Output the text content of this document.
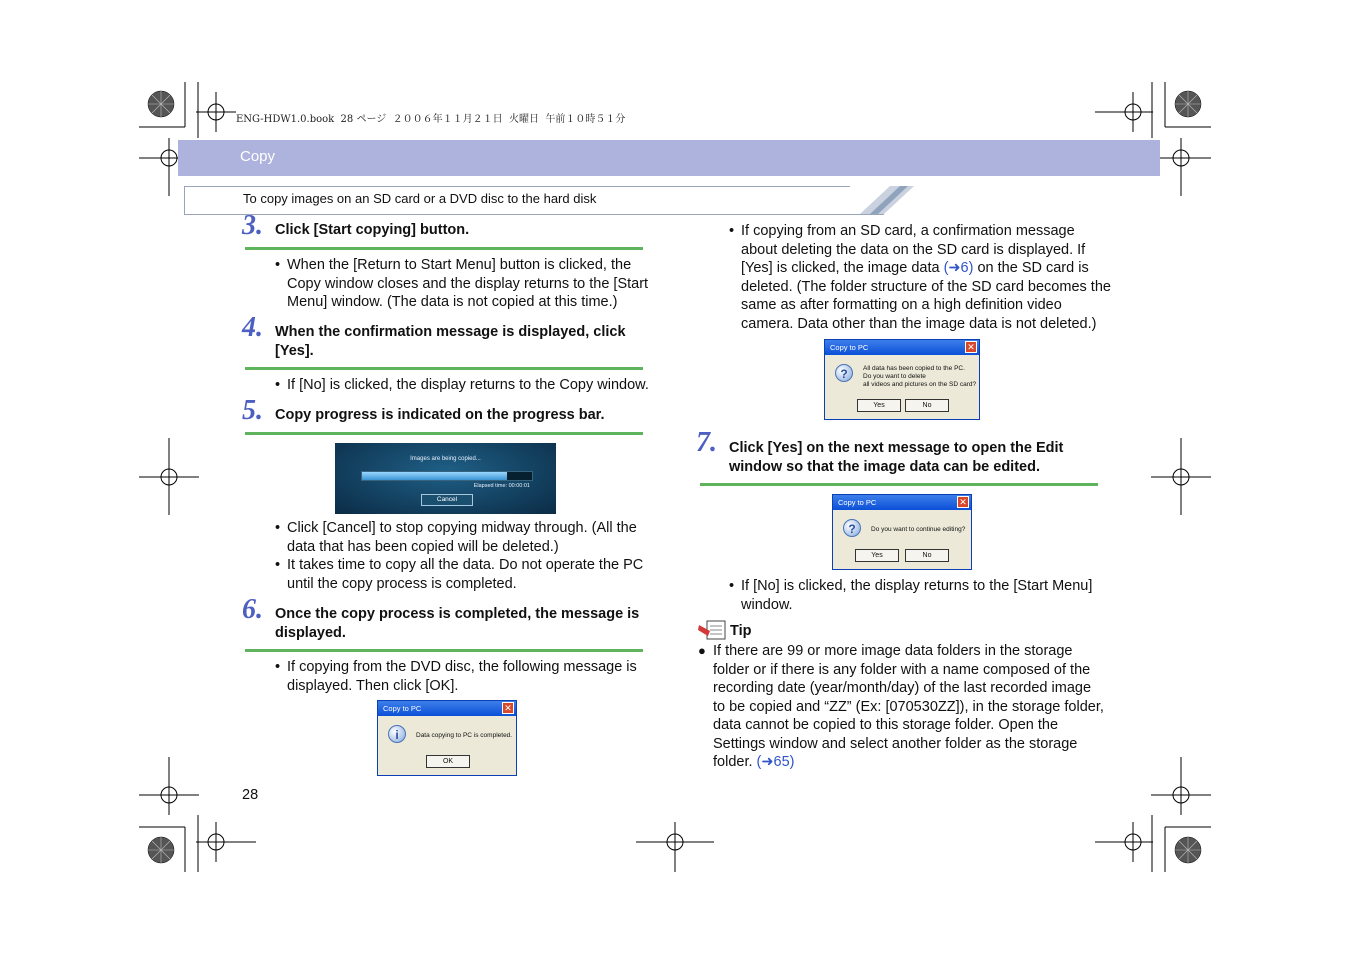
ENG-HDW1.0.book  28 ページ  ２００６年１１月２１日  火曜日  午前１０時５１分
Copy
To copy images on an SD card or a DVD disc to the hard disk
3. Click [Start copying] button.
• When the [Return to Start Menu] button is clicked, the Copy window closes and the display returns to the [Start Menu] window. (The data is not copied at this time.)
4. When the confirmation message is displayed, click [Yes].
• If [No] is clicked, the display returns to the Copy window.
5. Copy progress is indicated on the progress bar.
Images are being copied...
Elapsed time: 00:00:01
Cancel
• Click [Cancel] to stop copying midway through. (All the data that has been copied will be deleted.)
• It takes time to copy all the data. Do not operate the PC until the copy process is completed.
6. Once the copy process is completed, the message is displayed.
• If copying from the DVD disc, the following message is displayed. Then click [OK].
Copy to PC	✕
i	Data copying to PC is completed.
OK
28
• If copying from an SD card, a confirmation message about deleting the data on the SD card is displayed. If [Yes] is clicked, the image data (➜6) on the SD card is deleted. (The folder structure of the SD card becomes the same as after formatting on a high definition video camera. Data other than the image data is not deleted.)
Copy to PC	✕
?	All data has been copied to the PC.
Do you want to delete
all videos and pictures on the SD card?
Yes	No
7. Click [Yes] on the next message to open the Edit window so that the image data can be edited.
Copy to PC	✕
?	Do you want to continue editing?
Yes	No
• If [No] is clicked, the display returns to the [Start Menu] window.
Tip
● If there are 99 or more image data folders in the storage folder or if there is any folder with a name composed of the recording date (year/month/day) of the last recorded image to be copied and “ZZ” (Ex: [070530ZZ]), in the storage folder, data cannot be copied to this storage folder. Open the Settings window and select another folder as the storage folder. (➜65)
